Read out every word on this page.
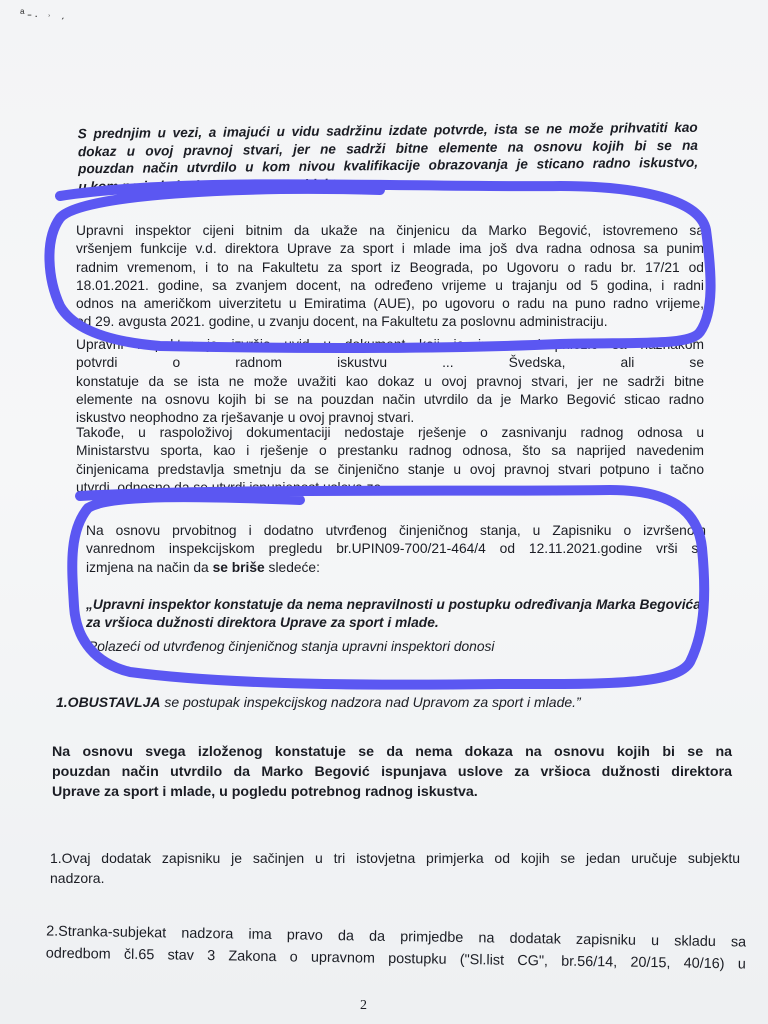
ᵃ˗. ˒ ˏ
S prednjim u vezi, a imajući u vidu sadržinu izdate potvrde, ista se ne može prihvatiti kao
dokaz u ovoj pravnoj stvari, jer ne sadrži bitne elemente na osnovu kojih bi se na
pouzdan način utvrdilo u kom nivou kvalifikacije obrazovanja je sticano radno iskustvo,
u kom periodu i u kom pravnom subjektu.
Upravni inspektor cijeni bitnim da ukaže na činjenicu da Marko Begović, istovremeno sa
vršenjem funkcije v.d. direktora Uprave za sport i mlade ima još dva radna odnosa sa punim
radnim vremenom, i to na Fakultetu za sport iz Beograda, po Ugovoru o radu br. 17/21 od
18.01.2021. godine, sa zvanjem docent, na određeno vrijeme u trajanju od 5 godina, i radni
odnos na američkom uiverzitetu u Emiratima (AUE), po ugovoru o radu na puno radno vrijeme,
od 29. avgusta 2021. godine, u zvanju docent, na Fakultetu za poslovnu administraciju.
Upravni inspektor je izvršio uvid u dokument koji je imenovani priložio sa naznakom
potvrdi o radnom iskustvu ... Švedska, ali se
konstatuje da se ista ne može uvažiti kao dokaz u ovoj pravnoj stvari, jer ne sadrži bitne
elemente na osnovu kojih bi se na pouzdan način utvrdilo da je Marko Begović sticao radno
iskustvo neophodno za rješavanje u ovoj pravnoj stvari.
Takođe, u raspoloživoj dokumentaciji nedostaje rješenje o zasnivanju radnog odnosa u
Ministarstvu sporta, kao i rješenje o prestanku radnog odnosa, što sa naprijed navedenim
činjenicama predstavlja smetnju da se činjenično stanje u ovoj pravnoj stvari potpuno i tačno
utvrdi, odnosno da se utvrdi ispunjenost uslova za ...
Na osnovu prvobitnog i dodatno utvrđenog činjeničnog stanja, u Zapisniku o izvršenom
vanrednom inspekcijskom pregledu br.UPIN09-700/21-464/4 od 12.11.2021.godine vrši se
izmjena na način da se briše sledeće:
„Upravni inspektor konstatuje da nema nepravilnosti u postupku određivanja Marka Begovića
za vršioca dužnosti direktora Uprave za sport i mlade.
Polazeći od utvrđenog činjeničnog stanja upravni inspektori donosi
1.OBUSTAVLJA se postupak inspekcijskog nadzora nad Upravom za sport i mlade.”
Na osnovu svega izloženog konstatuje se da nema dokaza na osnovu kojih bi se na
pouzdan način utvrdilo da Marko Begović ispunjava uslove za vršioca dužnosti direktora
Uprave za sport i mlade, u pogledu potrebnog radnog iskustva.
1.Ovaj dodatak zapisniku je sačinjen u tri istovjetna primjerka od kojih se jedan uručuje subjektu
nadzora.
2.Stranka-subjekat nadzora ima pravo da da primjedbe na dodatak zapisniku u skladu sa
odredbom čl.65 stav 3 Zakona o upravnom postupku ("Sl.list CG", br.56/14, 20/15, 40/16) u
2
